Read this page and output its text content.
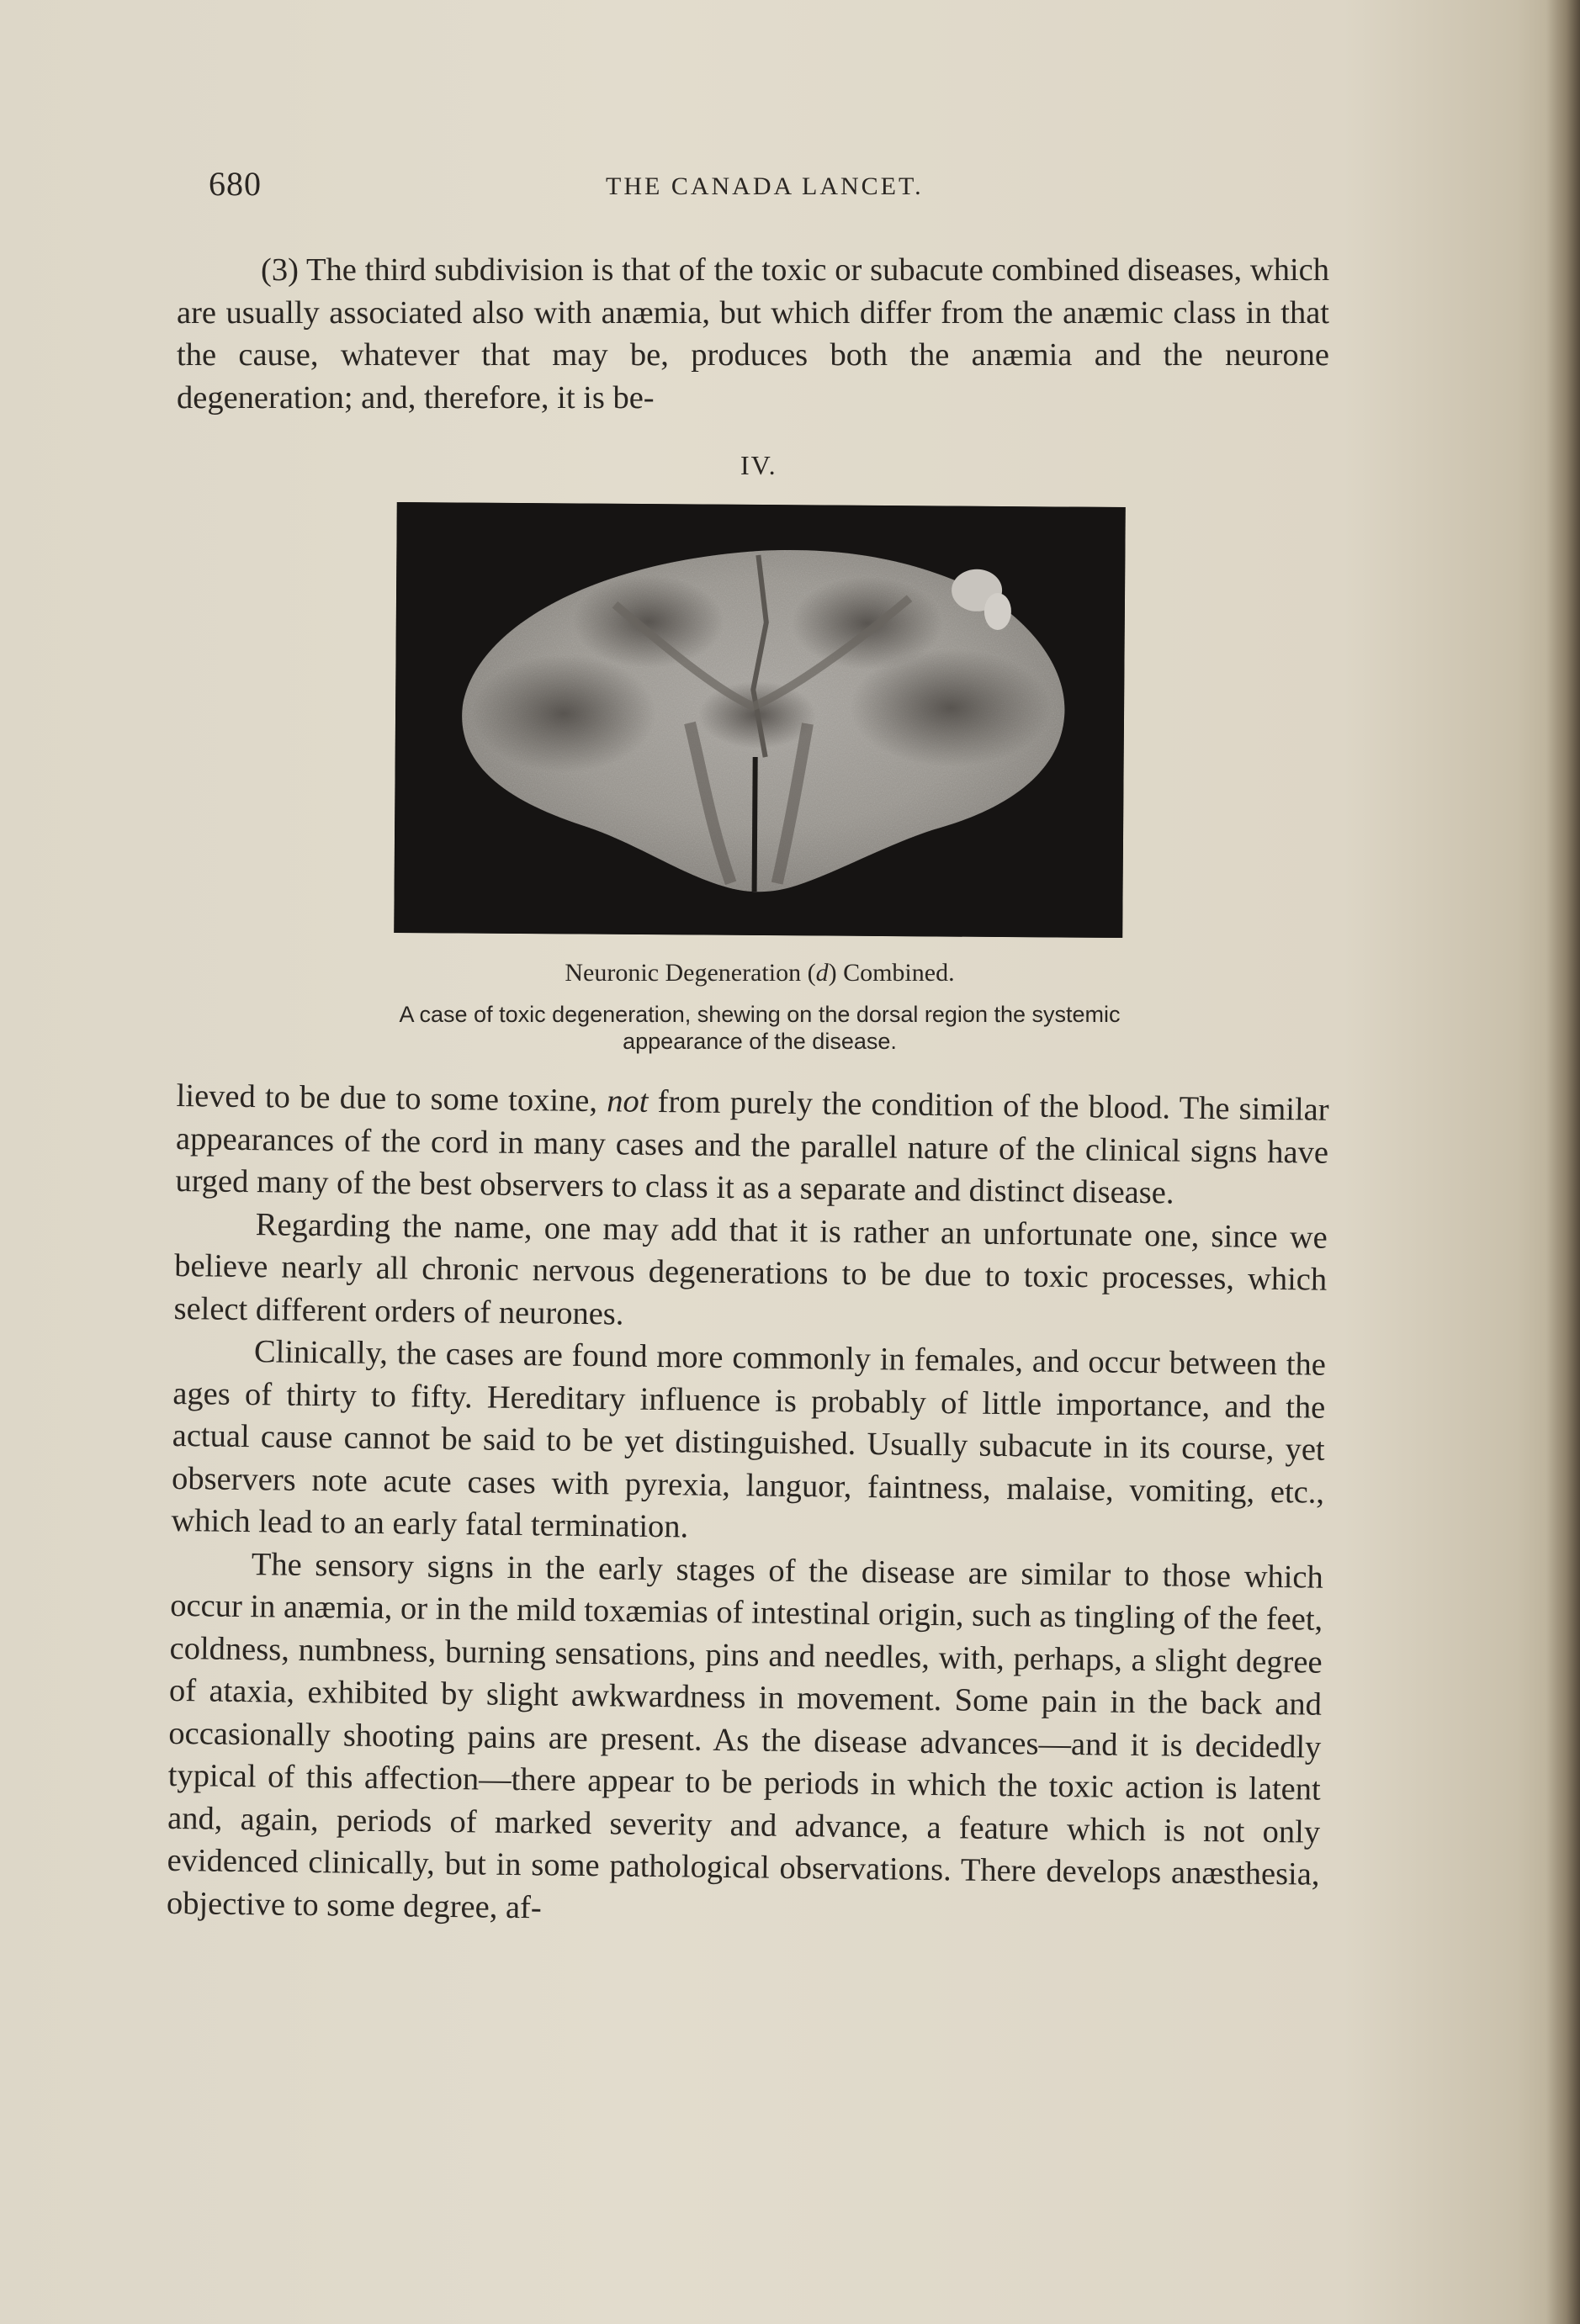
680	THE CANADA LANCET.

(3) The third subdivision is that of the toxic or subacute combined diseases, which are usually associated also with anæmia, but which differ from the anæmic class in that the cause, whatever that may be, produces both the anæmia and the neurone degeneration; and, therefore, it is be-

IV.
Neuronic Degeneration (d) Combined.
A case of toxic degeneration, shewing on the dorsal region the systemic appearance of the disease.

lieved to be due to some toxine, not from purely the condition of the blood. The similar appearances of the cord in many cases and the parallel nature of the clinical signs have urged many of the best observers to class it as a separate and distinct disease.

Regarding the name, one may add that it is rather an unfortunate one, since we believe nearly all chronic nervous degenerations to be due to toxic processes, which select different orders of neurones.

Clinically, the cases are found more commonly in females, and occur between the ages of thirty to fifty. Hereditary influence is probably of little importance, and the actual cause cannot be said to be yet distinguished. Usually subacute in its course, yet observers note acute cases with pyrexia, languor, faintness, malaise, vomiting, etc., which lead to an early fatal termination.

The sensory signs in the early stages of the disease are similar to those which occur in anæmia, or in the mild toxæmias of intestinal origin, such as tingling of the feet, coldness, numbness, burning sensations, pins and needles, with, perhaps, a slight degree of ataxia, exhibited by slight awkwardness in movement. Some pain in the back and occasionally shooting pains are present. As the disease advances—and it is decidedly typical of this affection—there appear to be periods in which the toxic action is latent and, again, periods of marked severity and advance, a feature which is not only evidenced clinically, but in some pathological observations. There develops anæsthesia, objective to some degree, af-
